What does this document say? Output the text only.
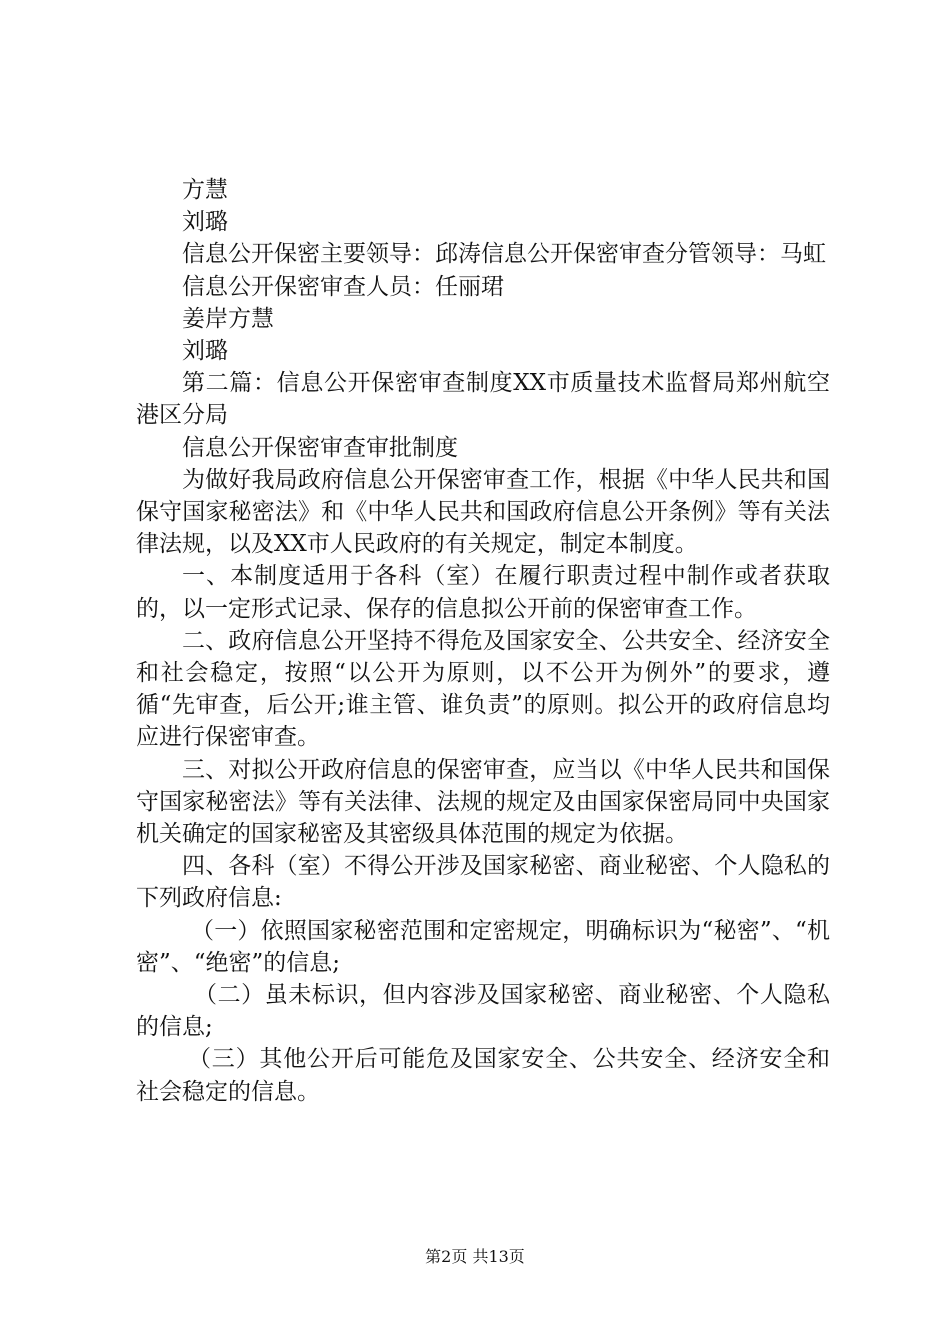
方慧

刘璐

信息公开保密主要领导：邱涛信息公开保密审查分管领导：马虹

信息公开保密审查人员：任丽珺

姜岸方慧

刘璐

第二篇：信息公开保密审查制度XX市质量技术监督局郑州航空港区分局

信息公开保密审查审批制度

为做好我局政府信息公开保密审查工作，根据《中华人民共和国保守国家秘密法》和《中华人民共和国政府信息公开条例》等有关法律法规，以及XX市人民政府的有关规定，制定本制度。

一、本制度适用于各科（室）在履行职责过程中制作或者获取的，以一定形式记录、保存的信息拟公开前的保密审查工作。

二、政府信息公开坚持不得危及国家安全、公共安全、经济安全和社会稳定，按照“以公开为原则，以不公开为例外”的要求，遵循“先审查，后公开;谁主管、谁负责”的原则。拟公开的政府信息均应进行保密审查。

三、对拟公开政府信息的保密审查，应当以《中华人民共和国保守国家秘密法》等有关法律、法规的规定及由国家保密局同中央国家机关确定的国家秘密及其密级具体范围的规定为依据。

四、各科（室）不得公开涉及国家秘密、商业秘密、个人隐私的下列政府信息:

（一）依照国家秘密范围和定密规定，明确标识为“秘密”、“机密”、“绝密”的信息;

（二）虽未标识，但内容涉及国家秘密、商业秘密、个人隐私的信息;

（三）其他公开后可能危及国家安全、公共安全、经济安全和社会稳定的信息。

第2页 共13页
